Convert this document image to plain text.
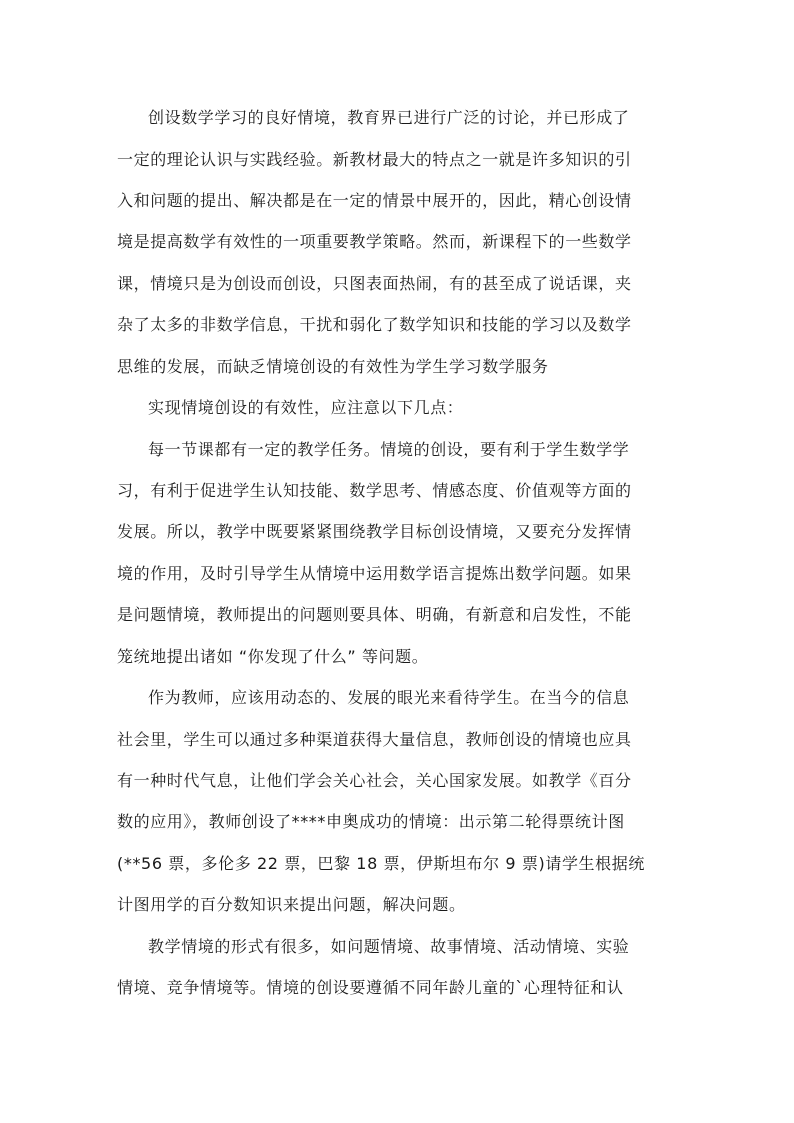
创设数学学习的良好情境，教育界已进行广泛的讨论，并已形成了
一定的理论认识与实践经验。新教材最大的特点之一就是许多知识的引
入和问题的提出、解决都是在一定的情景中展开的，因此，精心创设情
境是提高数学有效性的一项重要教学策略。然而，新课程下的一些数学
课，情境只是为创设而创设，只图表面热闹，有的甚至成了说话课，夹
杂了太多的非数学信息，干扰和弱化了数学知识和技能的学习以及数学
思维的发展，而缺乏情境创设的有效性为学生学习数学服务
实现情境创设的有效性，应注意以下几点：
每一节课都有一定的教学任务。情境的创设，要有利于学生数学学
习，有利于促进学生认知技能、数学思考、情感态度、价值观等方面的
发展。所以，教学中既要紧紧围绕教学目标创设情境，又要充分发挥情
境的作用，及时引导学生从情境中运用数学语言提炼出数学问题。如果
是问题情境，教师提出的问题则要具体、明确，有新意和启发性，不能
笼统地提出诸如 “你发现了什么” 等问题。
作为教师，应该用动态的、发展的眼光来看待学生。在当今的信息
社会里，学生可以通过多种渠道获得大量信息，教师创设的情境也应具
有一种时代气息，让他们学会关心社会，关心国家发展。如教学《百分
数的应用》，教师创设了****申奥成功的情境：出示第二轮得票统计图
(**56 票，多伦多 22 票，巴黎 18 票，伊斯坦布尔 9 票)请学生根据统
计图用学的百分数知识来提出问题，解决问题。
教学情境的形式有很多，如问题情境、故事情境、活动情境、实验
情境、竞争情境等。情境的创设要遵循不同年龄儿童的`心理特征和认
